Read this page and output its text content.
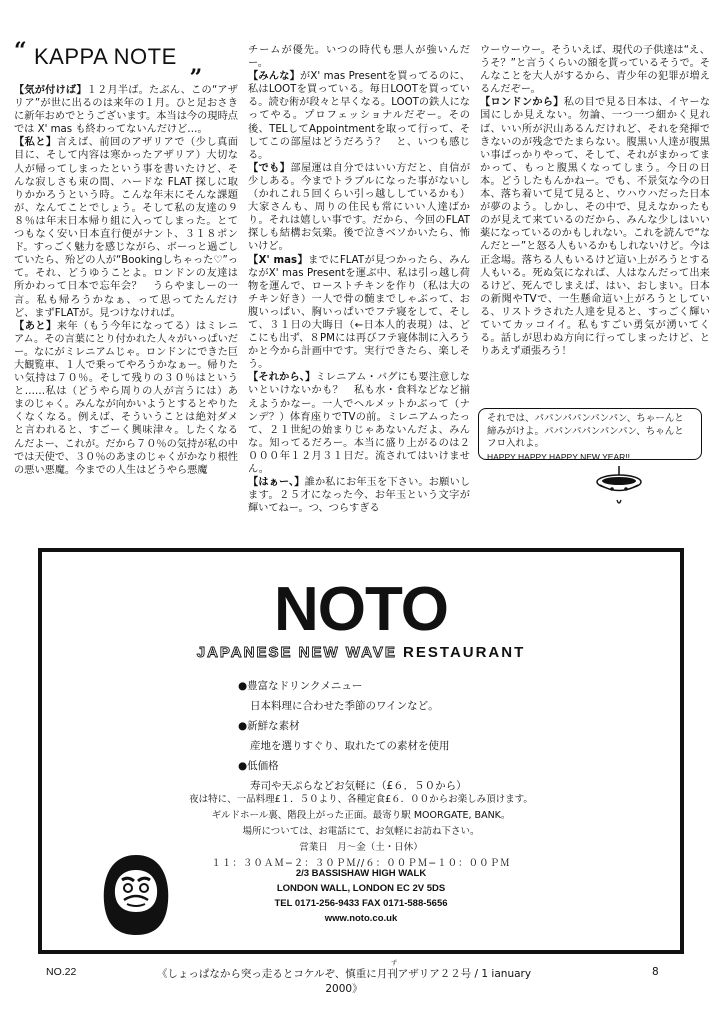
“ KAPPA NOTE „

【気が付けば】１２月半ば。たぶん、この“アザリア”が世に出るのは来年の１月。ひと足おさきに新年おめでとうございます。本当は今の現時点では X' mas も終わってないんだけど…。

【私と】言えば、前回のアザリアで（少し真面目に、そして内容は寒かったアザリア）大切な人が帰ってしまったという事を書いたけど、そんな寂しさも束の間、ハードな FLAT 探しに取りかかろうという時。こんな年末にそんな課題が、なんてことでしょう。そして私の友達の９８％は年末日本帰り組に入ってしまった。とてつもなく安い日本直行便がナント、３１８ポンド。すっごく魅力を感じながら、ボーっと過ごしていたら、殆どの人が“Bookingしちゃった♡”って。それ、どうゆうことよ。ロンドンの友達は所かわって日本で忘年会？　うらやましーの一言。私も帰ろうかなぁ、って思ってたんだけど、まずFLATが。見つけなければ。

【あと】来年（もう今年になってる）はミレニアム。その言葉にとり付かれた人々がいっぱいだー。なにがミレニアムじゃ。ロンドンにできた巨大観覧車、１人で乗ってやろうかなぁー。帰りたい気持は７０％。そして残りの３０％はというと……私は（どうやら周りの人が言うには）あまのじゃく。みんなが向かいようとするとやりたくなくなる。例えば、そういうことは絶対ダメと言われると、すごーく興味津々。したくなるんだよー、これが。だから７０％の気持が私の中では天使で、３０％のあまのじゃくがかなり根性の悪い悪魔。今までの人生はどうやら悪魔

チームが優先。いつの時代も悪人が強いんだー。

【みんな】がX' mas Presentを買ってるのに、私はLOOTを買っている。毎日LOOTを買っている。読む術が段々と早くなる。LOOTの鉄人になってやる。プロフェッショナルだぞー。その後、TELしてAppointmentを取って行って、そしてこの部屋はどうだろう？　と、いつも感じる。

【でも】部屋運は自分ではいい方だと、自信が少しある。今までトラブルになった事がないし（かれこれ５回くらい引っ越ししているかも）大家さんも、周りの住民も常にいい人達ばかり。それは嬉しい事です。だから、今回のFLAT探しも結構お気楽。後で泣きベソかいたら、怖いけど。

【X' mas】までにFLATが見つかったら、みんながX' mas Presentを運ぶ中、私は引っ越し荷物を運んで、ローストチキンを作り（私は大のチキン好き）一人で骨の髄までしゃぶって、お腹いっぱい、胸いっぱいでフテ寝をして、そして、３１日の大晦日（←日本人的表現）は、どこにも出ず、８PMには再びフテ寝体制に入ろうかと今から計画中です。実行できたら、楽しそう。

【それから、】ミレニアム・バグにも要注意しないといけないかも？　私も水・食料などなど揃えようかなー。一人でヘルメットかぶって（ナンデ？）体育座りでTVの前。ミレニアムったって、２１世紀の始まりじゃあないんだよ、みんな。知ってるだろー。本当に盛り上がるのは２０００年１２月３１日だ。流されてはいけません。

【はぁー、】誰か私にお年玉を下さい。お願いします。２５才になった今、お年玉という文字が輝いてねー。つ、つらすぎる

ウーウーウー。そういえば、現代の子供達は“え、うそ？”と言うくらいの額を貰っているそうで。そんなことを大人がするから、青少年の犯罪が増えるんだぞー。

【ロンドンから】私の目で見る日本は、イヤーな国にしか見えない。勿論、一つ一つ細かく見れば、いい所が沢山あるんだけれど、それを発揮できないのが残念でたまらない。腹黒い人達が腹黒い事ばっかりやって、そして、それがまかってまかって、もっと腹黒くなってしまう。今日の日本。どうしたもんかねー。でも、不景気な今の日本、落ち着いて見て見ると、ウハウハだった日本が夢のよう。しかし、その中で、見えなかったものが見えて来ているのだから、みんな少しはいい薬になっているのかもしれない。これを読んで“なんだとー”と怒る人もいるかもしれないけど。今は正念場。落ちる人もいるけど這い上がろうとする人もいる。死ぬ気になれば、人はなんだって出来るけど、死んでしまえば、はい、おしまい。日本の新聞やTVで、一生懸命這い上がろうとしている、リストラされた人達を見ると、すっごく輝いていてカッコイイ。私もすごい勇気が湧いてくる。話しが思わぬ方向に行ってしまったけど、とりあえず頑張ろう！

それでは、パパンパパンパンパン、ちゃーんと締みがけよ。パパンパパンパンパン、ちゃんとフロ入れよ。
HAPPY HAPPY HAPPY NEW YEAR!!
NOTO
JAPANESE NEW WAVE RESTAURANT
●豊富なドリンクメニュー
日本料理に合わせた季節のワインなど。
●新鮮な素材
産地を選りすぐり、取れたての素材を使用
●低価格
寿司や天ぷらなどお気軽に（£６．５０から）
夜は特に、一品料理£１．５０より、各種定食£６．００からお楽しみ頂けます。
ギルドホール裏、階段上がった正面。最寄り駅 MOORGATE, BANK。
場所については、お電話にて、お気軽にお訪ね下さい。
営業日　月〜金（土・日休）
１１：３０ＡＭ−２：３０ＰＭ//６：００ＰＭ−１０：００ＰＭ
2/3 BASSISHAW HIGH WALK
LONDON WALL, LONDON EC 2V 5DS
TEL 0171-256-9433 FAX 0171-588-5656
www.noto.co.uk
NO.22
ず
《しょっぱなから突っ走るとコケルぞ、慎重に月刊アザリア２２号 / 1 ianuary 2000》
8
